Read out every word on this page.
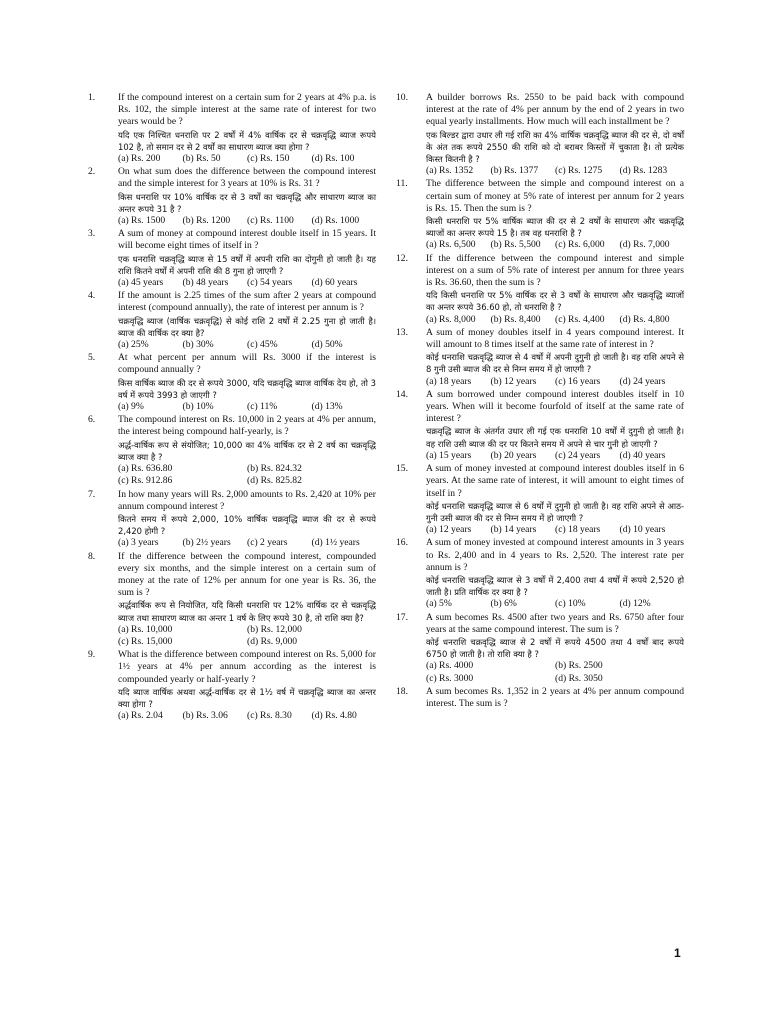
1. If the compound interest on a certain sum for 2 years at 4% p.a. is Rs. 102, the simple interest at the same rate of interest for two years would be ?

यदि एक निश्चित धनराशि पर 2 वर्षों में 4% वार्षिक दर से चक्रवृद्धि ब्याज रूपये 102 है, तो समान दर से 2 वर्षों का साधारण ब्याज क्या होगा ?

(a) Rs. 200	(b) Rs. 50	(c) Rs. 150	(d) Rs. 100
2. On what sum does the difference between the compound interest and the simple interest for 3 years at 10% is Rs. 31 ?

किस धनराशि पर 10% वार्षिक दर से 3 वर्षों का चक्रवृद्धि और साधारण ब्याज का अन्तर रूपये 31 है ?

(a) Rs. 1500	(b) Rs. 1200	(c) Rs. 1100	(d) Rs. 1000
3. A sum of money at compound interest double itself in 15 years. It will become eight times of itself in ?

एक धनराशि चक्रवृद्धि ब्याज से 15 वर्षों में अपनी राशि का दोगुनी हो जाती है। यह राशि कितने वर्षों में अपनी राशि की 8 गुना हो जाएगी ?

(a) 45 years	(b) 48 years	(c) 54 years	(d) 60 years
4. If the amount is 2.25 times of the sum after 2 years at compound interest (compound annually), the rate of interest per annum is ?

चक्रवृद्धि ब्याज (वार्षिक चक्रवृद्धि) से कोई राशि 2 वर्षों में 2.25 गुना हो जाती है। ब्याज की वार्षिक दर क्या है?

(a) 25%	(b) 30%	(c) 45%	(d) 50%
5. At what percent per annum will Rs. 3000 if the interest is compound annually ?

किस वार्षिक ब्याज की दर से रूपये 3000, यदि चक्रवृद्धि ब्याज वार्षिक देय हो, तो 3 वर्ष में रूपये 3993 हो जाएगी ?

(a) 9%	(b) 10%	(c) 11%	(d) 13%
6. The compound interest on Rs. 10,000 in 2 years at 4% per annum, the interest being compound half-yearly, is ?

अर्द्ध-वार्षिक रूप से संयोजित; 10,000 का 4% वार्षिक दर से 2 वर्ष का चक्रवृद्धि ब्याज क्या है ?

(a) Rs. 636.80	(b) Rs. 824.32
(c) Rs. 912.86	(d) Rs. 825.82
7. In how many years will Rs. 2,000 amounts to Rs. 2,420 at 10% per annum compound interest ?

कितने समय में रूपये 2,000, 10% वार्षिक चक्रवृद्धि ब्याज की दर से रूपये 2,420 होगी ?

(a) 3 years	(b) 2½ years	(c) 2 years	(d) 1½ years
8. If the difference between the compound interest, compounded every six months, and the simple interest on a certain sum of money at the rate of 12% per annum for one year is Rs. 36, the sum is ?

अर्द्धवार्षिक रूप से नियोजित, यदि किसी धनराशि पर 12% वार्षिक दर से चक्रवृद्धि ब्याज तथा साधारण ब्याज का अन्तर 1 वर्ष के लिए रूपये 30 है, तो राशि क्या है?

(a) Rs. 10,000	(b) Rs. 12,000
(c) Rs. 15,000	(d) Rs. 9,000
9. What is the difference between compound interest on Rs. 5,000 for 1½ years at 4% per annum according as the interest is compounded yearly or half-yearly ?

यदि ब्याज वार्षिक अथवा अर्द्ध-वार्षिक दर से 1½ वर्ष में चक्रवृद्धि ब्याज का अन्तर क्या होगा ?

(a) Rs. 2.04	(b) Rs. 3.06	(c) Rs. 8.30	(d) Rs. 4.80
10. A builder borrows Rs. 2550 to be paid back with compound interest at the rate of 4% per annum by the end of 2 years in two equal yearly installments. How much will each installment be ?

एक बिल्डर द्वारा उधार ली गई राशि का 4% वार्षिक चक्रवृद्धि ब्याज की दर से, दो वर्षों के अंत तक रूपये 2550 की राशि को दो बराबर किस्तों में चुकाता है। तो प्रत्येक किस्त कितनी है ?

(a) Rs. 1352	(b) Rs. 1377	(c) Rs. 1275	(d) Rs. 1283
11. The difference between the simple and compound interest on a certain sum of money at 5% rate of interest per annum for 2 years is Rs. 15. Then the sum is ?

किसी धनराशि पर 5% वार्षिक ब्याज की दर से 2 वर्षों के साधारण और चक्रवृद्धि ब्याजों का अन्तर रूपये 15 है। तब वह धनराशि है ?

(a) Rs. 6,500	(b) Rs. 5,500	(c) Rs. 6,000	(d) Rs. 7,000
12. If the difference between the compound interest and simple interest on a sum of 5% rate of interest per annum for three years is Rs. 36.60, then the sum is ?

यदि किसी धनराशि पर 5% वार्षिक दर से 3 वर्षों के साधारण और चक्रवृद्धि ब्याजों का अन्तर रूपये 36.60 हो, तो धनराशि है ?

(a) Rs. 8,000	(b) Rs. 8,400	(c) Rs. 4,400	(d) Rs. 4,800
13. A sum of money doubles itself in 4 years compound interest. It will amount to 8 times itself at the same rate of interest in ?

कोई धनराशि चक्रवृद्धि ब्याज से 4 वर्षों में अपनी दुगुनी हो जाती है। वह राशि अपने से 8 गुनी उसी ब्याज की दर से निम्न समय में हो जाएगी ?

(a) 18 years	(b) 12 years	(c) 16 years	(d) 24 years
14. A sum borrowed under compound interest doubles itself in 10 years. When will it become fourfold of itself at the same rate of interest ?

चक्रवृद्धि ब्याज के अंतर्गत उधार ली गई एक धनराशि 10 वर्षों में दुगुनी हो जाती है। वह राशि उसी ब्याज की दर पर कितने समय में अपने से चार गुनी हो जाएगी ?

(a) 15 years	(b) 20 years	(c) 24 years	(d) 40 years
15. A sum of money invested at compound interest doubles itself in 6 years. At the same rate of interest, it will amount to eight times of itself in ?

कोई धनराशि चक्रवृद्धि ब्याज से 6 वर्षों में दुगुनी हो जाती है। वह राशि अपने से आठ-गुनी उसी ब्याज की दर से निम्न समय में हो जाएगी ?

(a) 12 years	(b) 14 years	(c) 18 years	(d) 10 years
16. A sum of money invested at compound interest amounts in 3 years to Rs. 2,400 and in 4 years to Rs. 2,520. The interest rate per annum is ?

कोई धनराशि चक्रवृद्धि ब्याज से 3 वर्षों में 2,400 तथा 4 वर्षों में रूपये 2,520 हो जाती है। प्रति वार्षिक दर क्या है ?

(a) 5%	(b) 6%	(c) 10%	(d) 12%
17. A sum becomes Rs. 4500 after two years and Rs. 6750 after four years at the same compound interest. The sum is ?

कोई धनराशि चक्रवृद्धि ब्याज से 2 वर्षों में रूपये 4500 तथा 4 वर्षों बाद रूपये 6750 हो जाती है। तो राशि क्या है ?

(a) Rs. 4000	(b) Rs. 2500
(c) Rs. 3000	(d) Rs. 3050
18. A sum becomes Rs. 1,352 in 2 years at 4% per annum compound interest. The sum is ?

1
